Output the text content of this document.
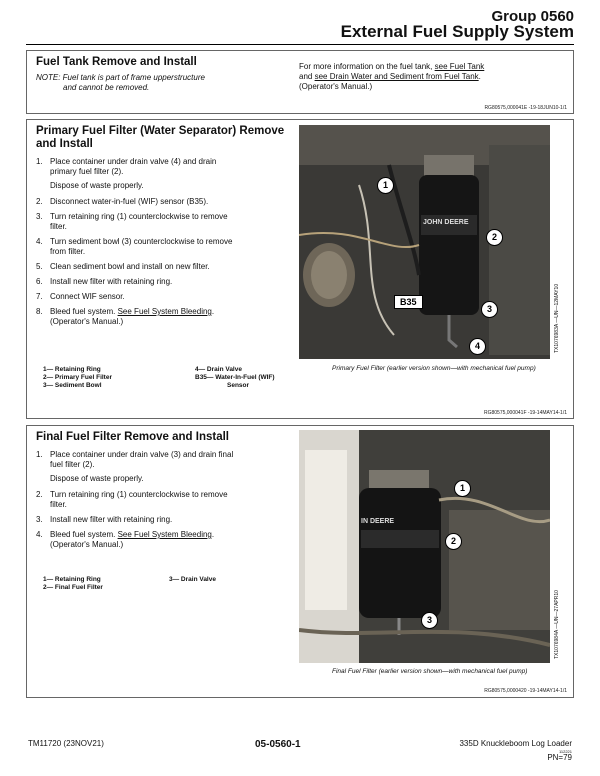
Group 0560
External Fuel Supply System
Fuel Tank Remove and Install
NOTE: Fuel tank is part of frame upperstructure
and cannot be removed.
For more information on the fuel tank, see Fuel Tank
and see Drain Water and Sediment from Fuel Tank.
(Operator's Manual.)
RG80575,000041E -19-18JUN10-1/1
Primary Fuel Filter (Water Separator) Remove
and Install
1. Place container under drain valve (4) and drain
primary fuel filter (2).
Dispose of waste properly.
2. Disconnect water-in-fuel (WIF) sensor (B35).
3. Turn retaining ring (1) counterclockwise to remove
filter.
4. Turn sediment bowl (3) counterclockwise to remove
from filter.
5. Clean sediment bowl and install on new filter.
6. Install new filter with retaining ring.
7. Connect WIF sensor.
8. Bleed fuel system. See Fuel System Bleeding.
(Operator's Manual.)
1— Retaining Ring
2— Primary Fuel Filter
3— Sediment Bowl
4— Drain Valve
B35— Water-In-Fuel (WIF)
Sensor
JOHN DEERE
1
2
B35
3
4	TX1076983A —UN—12MAY10
Primary Fuel Filter (earlier version shown—with mechanical fuel pump)
RG80575,000041F -19-14MAY14-1/1
Final Fuel Filter Remove and Install
1. Place container under drain valve (3) and drain final
fuel filter (2).
Dispose of waste properly.
2. Turn retaining ring (1) counterclockwise to remove
filter.
3. Install new filter with retaining ring.
4. Bleed fuel system. See Fuel System Bleeding.
(Operator's Manual.)
1— Retaining Ring
2— Final Fuel Filter
3— Drain Valve
IN DEERE
1
2
3	TX1076984A —UN—27APR10
Final Fuel Filter (earlier version shown—with mechanical fuel pump)
RG80575,0000420 -19-14MAY14-1/1
TM11720 (23NOV21)	05-0560-1	335D Knuckleboom Log Loader
112221
PN=79
